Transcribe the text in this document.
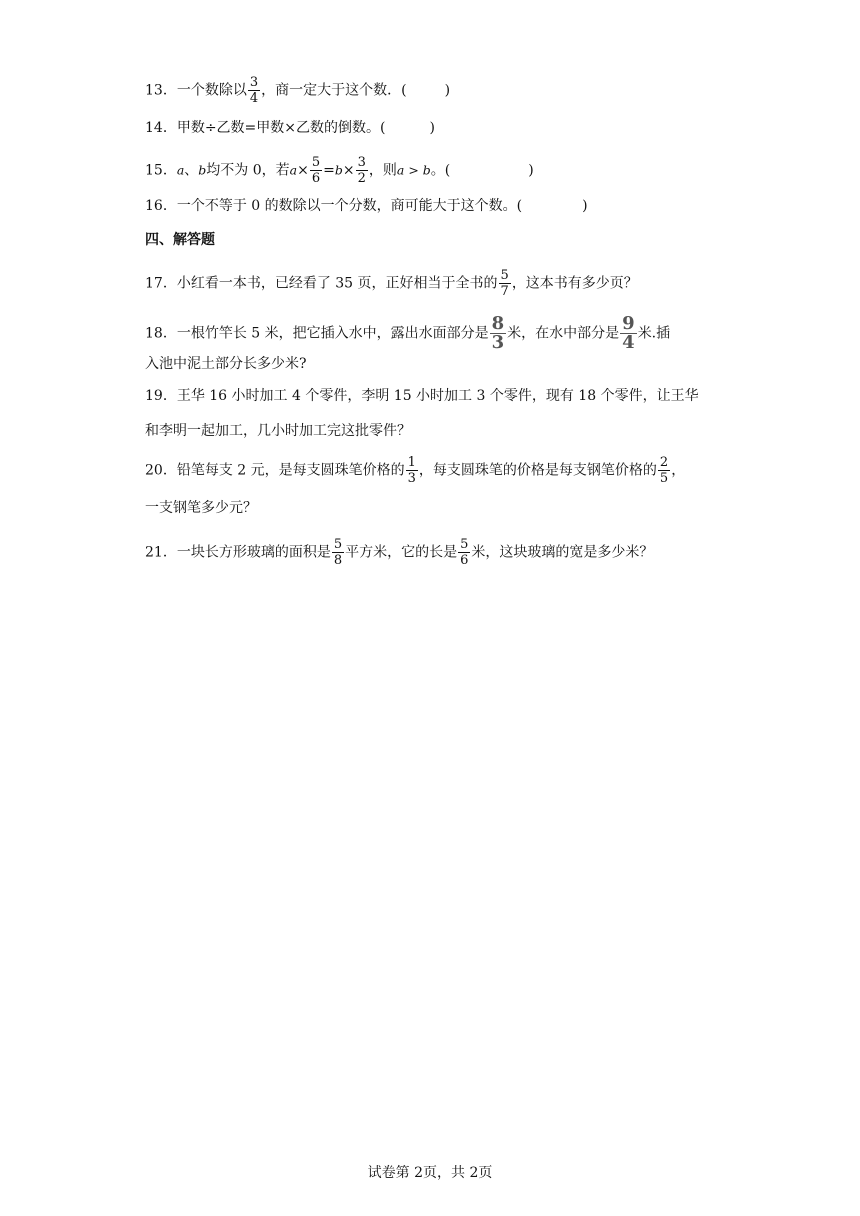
13．一个数除以 $\frac{3}{4}$ ，商一定大于这个数．(	)
14．甲数÷乙数=甲数×乙数的倒数。(	)
15．a、b均不为 0，若$a\times \frac{5}{6} =b\times \frac{3}{2}$ ，则a > b。(	)
16．一个不等于 0 的数除以一个分数，商可能大于这个数。(	)
四、解答题
17．小红看一本书，已经看了 35 页，正好相当于全书的 $\frac{5}{7}$ ，这本书有多少页？
18．一根竹竿长 5 米，把它插入水中，露出水面部分是 $\frac{8}{3}$ 米，在水中部分是 $\frac{9}{4}$ 米.插
入池中泥土部分长多少米?
19．王华 16 小时加工 4 个零件，李明 15 小时加工 3 个零件，现有 18 个零件，让王华
和李明一起加工，几小时加工完这批零件？
20．铅笔每支 2 元，是每支圆珠笔价格的 $\frac{1}{3}$ ，每支圆珠笔的价格是每支钢笔价格的 $\frac{2}{5}$ ，
一支钢笔多少元？
21．一块长方形玻璃的面积是 $\frac{5}{8}$ 平方米，它的长是 $\frac{5}{6}$ 米，这块玻璃的宽是多少米？
试卷第 2页，共 2页
